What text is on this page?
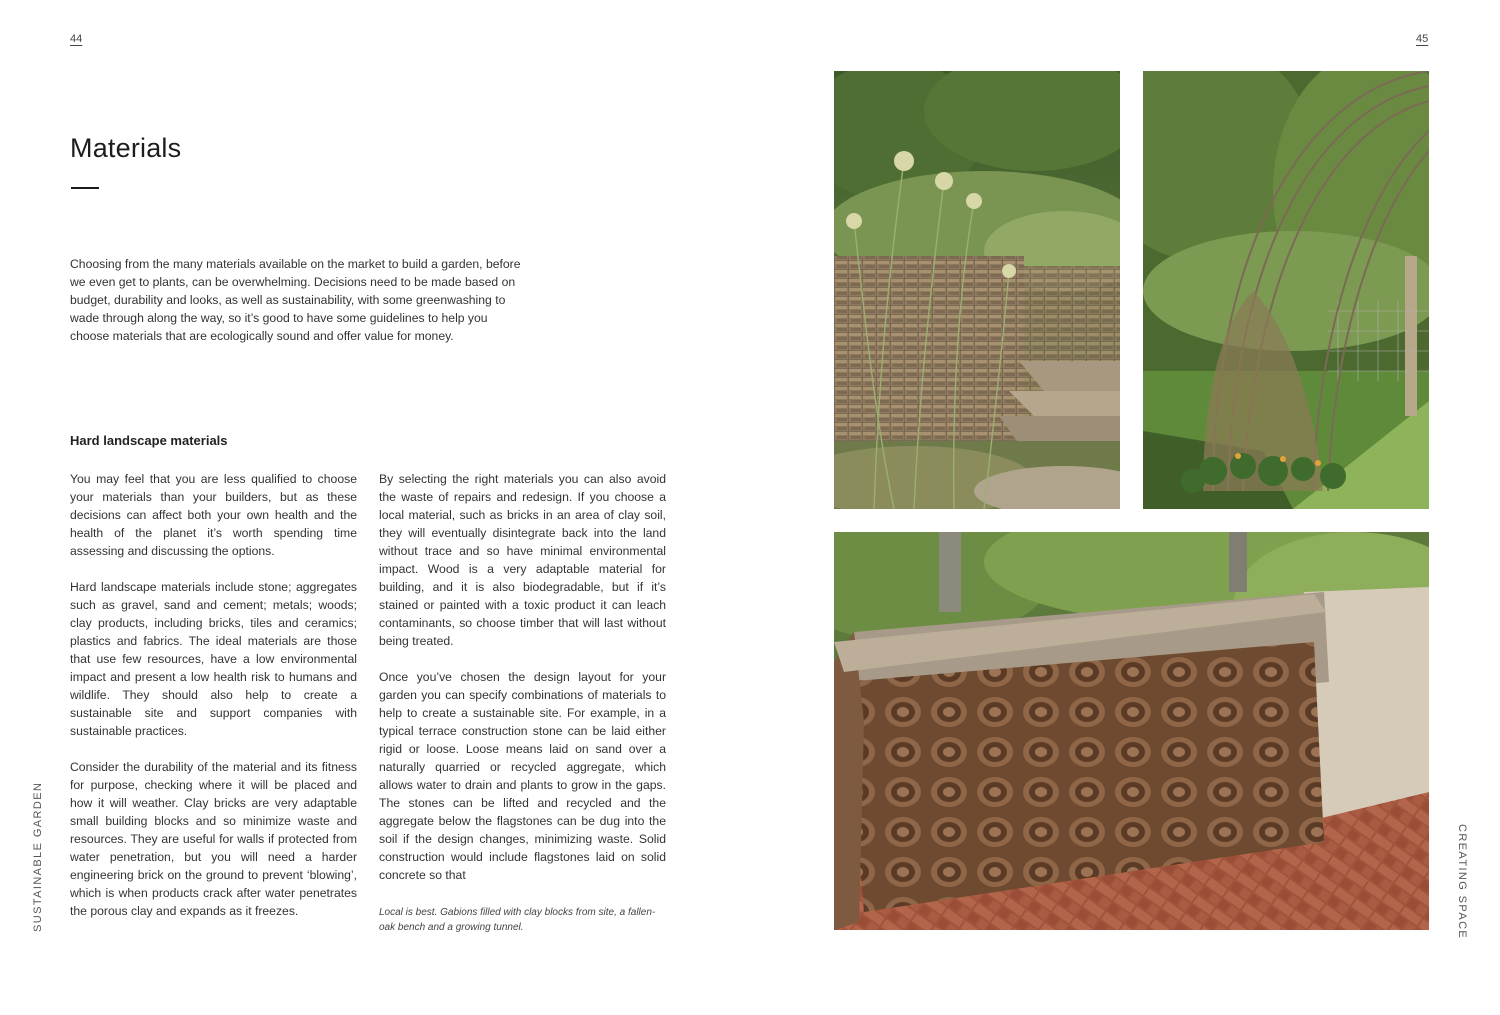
44	45
Materials

Choosing from the many materials available on the market to build a garden, before we even get to plants, can be overwhelming. Decisions need to be made based on budget, durability and looks, as well as sustainability, with some greenwashing to wade through along the way, so it’s good to have some guidelines to help you choose materials that are ecologically sound and offer value for money.

Hard landscape materials

You may feel that you are less qualified to choose your materials than your builders, but as these decisions can affect both your own health and the health of the planet it’s worth spending time assessing and discussing the options.

Hard landscape materials include stone; aggregates such as gravel, sand and cement; metals; woods; clay products, including bricks, tiles and ceramics; plastics and fabrics. The ideal materials are those that use few resources, have a low environmental impact and present a low health risk to humans and wildlife. They should also help to create a sustainable site and support companies with sustainable practices.

Consider the durability of the material and its fitness for purpose, checking where it will be placed and how it will weather. Clay bricks are very adaptable small building blocks and so minimize waste and resources. They are useful for walls if protected from water penetration, but you will need a harder engineering brick on the ground to prevent ‘blowing’, which is when products crack after water penetrates the porous clay and expands as it freezes.

By selecting the right materials you can also avoid the waste of repairs and redesign. If you choose a local material, such as bricks in an area of clay soil, they will eventually disintegrate back into the land without trace and so have minimal environmental impact. Wood is a very adaptable material for building, and it is also biodegradable, but if it’s stained or painted with a toxic product it can leach contaminants, so choose timber that will last without being treated.

Once you’ve chosen the design layout for your garden you can specify combinations of materials to help to create a sustainable site. For example, in a typical terrace construction stone can be laid either rigid or loose. Loose means laid on sand over a naturally quarried or recycled aggregate, which allows water to drain and plants to grow in the gaps. The stones can be lifted and recycled and the aggregate below the flagstones can be dug into the soil if the design changes, minimizing waste. Solid construction would include flagstones laid on solid concrete so that

Local is best. Gabions filled with clay blocks from site, a fallen-oak bench and a growing tunnel.
SUSTAINABLE GARDEN	CREATING SPACE
